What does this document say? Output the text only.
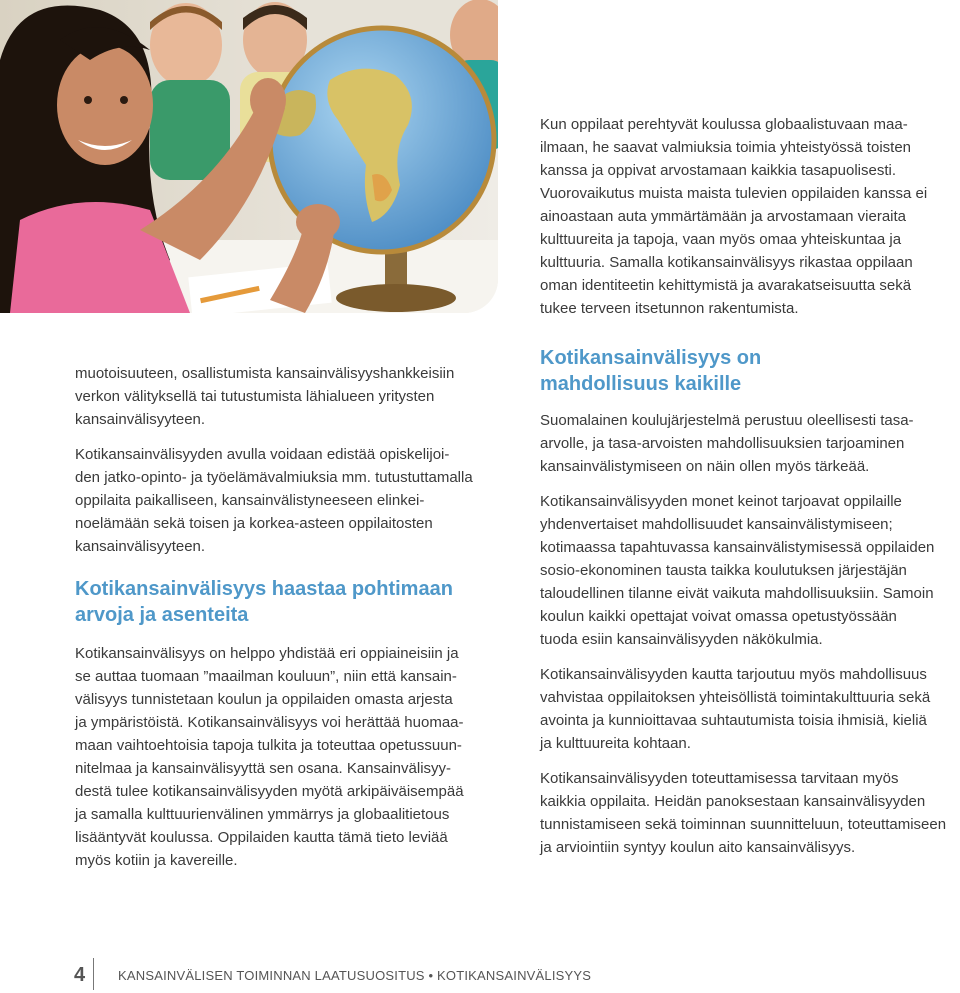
Kun oppilaat perehtyvät koulussa globaalistuvaan maa-
ilmaan, he saavat valmiuksia toimia yhteistyössä toisten
kanssa ja oppivat arvostamaan kaikkia tasapuolisesti.
Vuorovaikutus muista maista tulevien oppilaiden kanssa ei
ainoastaan auta ymmärtämään ja arvostamaan vieraita
kulttuureita ja tapoja, vaan myös omaa yhteiskuntaa ja
kulttuuria. Samalla kotikansainvälisyys rikastaa oppilaan
oman identiteetin kehittymistä ja avarakatseisuutta sekä
tukee terveen itsetunnon rakentumista.

muotoisuuteen, osallistumista kansainvälisyyshankkeisiin
verkon välityksellä tai tutustumista lähialueen yritysten
kansainvälisyyteen.

Kotikansainvälisyyden avulla voidaan edistää opiskelijoi-
den jatko-opinto- ja työelämävalmiuksia mm. tutustuttamalla
oppilaita paikalliseen, kansainvälistyneeseen elinkei-
noelämään sekä toisen ja korkea-asteen oppilaitosten
kansainvälisyyteen.

Kotikansainvälisyys haastaa pohtimaan
arvoja ja asenteita

Kotikansainvälisyys on helppo yhdistää eri oppiaineisiin ja
se auttaa tuomaan ”maailman kouluun”, niin että kansain-
välisyys tunnistetaan koulun ja oppilaiden omasta arjesta
ja ympäristöistä. Kotikansainvälisyys voi herättää huomaa-
maan vaihtoehtoisia tapoja tulkita ja toteuttaa opetussuun-
nitelmaa ja kansainvälisyyttä sen osana. Kansainvälisyy-
destä tulee kotikansainvälisyyden myötä arkipäiväisempää
ja samalla kulttuurienvälinen ymmärrys ja globaalitietous
lisääntyvät koulussa. Oppilaiden kautta tämä tieto leviää
myös kotiin ja kavereille.

Kotikansainvälisyys on
mahdollisuus kaikille

Suomalainen koulujärjestelmä perustuu oleellisesti tasa-
arvolle, ja tasa-arvoisten mahdollisuuksien tarjoaminen
kansainvälistymiseen on näin ollen myös tärkeää.

Kotikansainvälisyyden monet keinot tarjoavat oppilaille
yhdenvertaiset mahdollisuudet kansainvälistymiseen;
kotimaassa tapahtuvassa kansainvälistymisessä oppilaiden
sosio-ekonominen tausta taikka koulutuksen järjestäjän
taloudellinen tilanne eivät vaikuta mahdollisuuksiin. Samoin
koulun kaikki opettajat voivat omassa opetustyössään
tuoda esiin kansainvälisyyden näkökulmia.

Kotikansainvälisyyden kautta tarjoutuu myös mahdollisuus
vahvistaa oppilaitoksen yhteisöllistä toimintakulttuuria sekä
avointa ja kunnioittavaa suhtautumista toisia ihmisiä, kieliä
ja kulttuureita kohtaan.

Kotikansainvälisyyden toteuttamisessa tarvitaan myös
kaikkia oppilaita. Heidän panoksestaan kansainvälisyyden
tunnistamiseen sekä toiminnan suunnitteluun, toteuttamiseen
ja arviointiin syntyy koulun aito kansainvälisyys.

4	KANSAINVÄLISEN TOIMINNAN LAATUSUOSITUS • KOTIKANSAINVÄLISYYS
